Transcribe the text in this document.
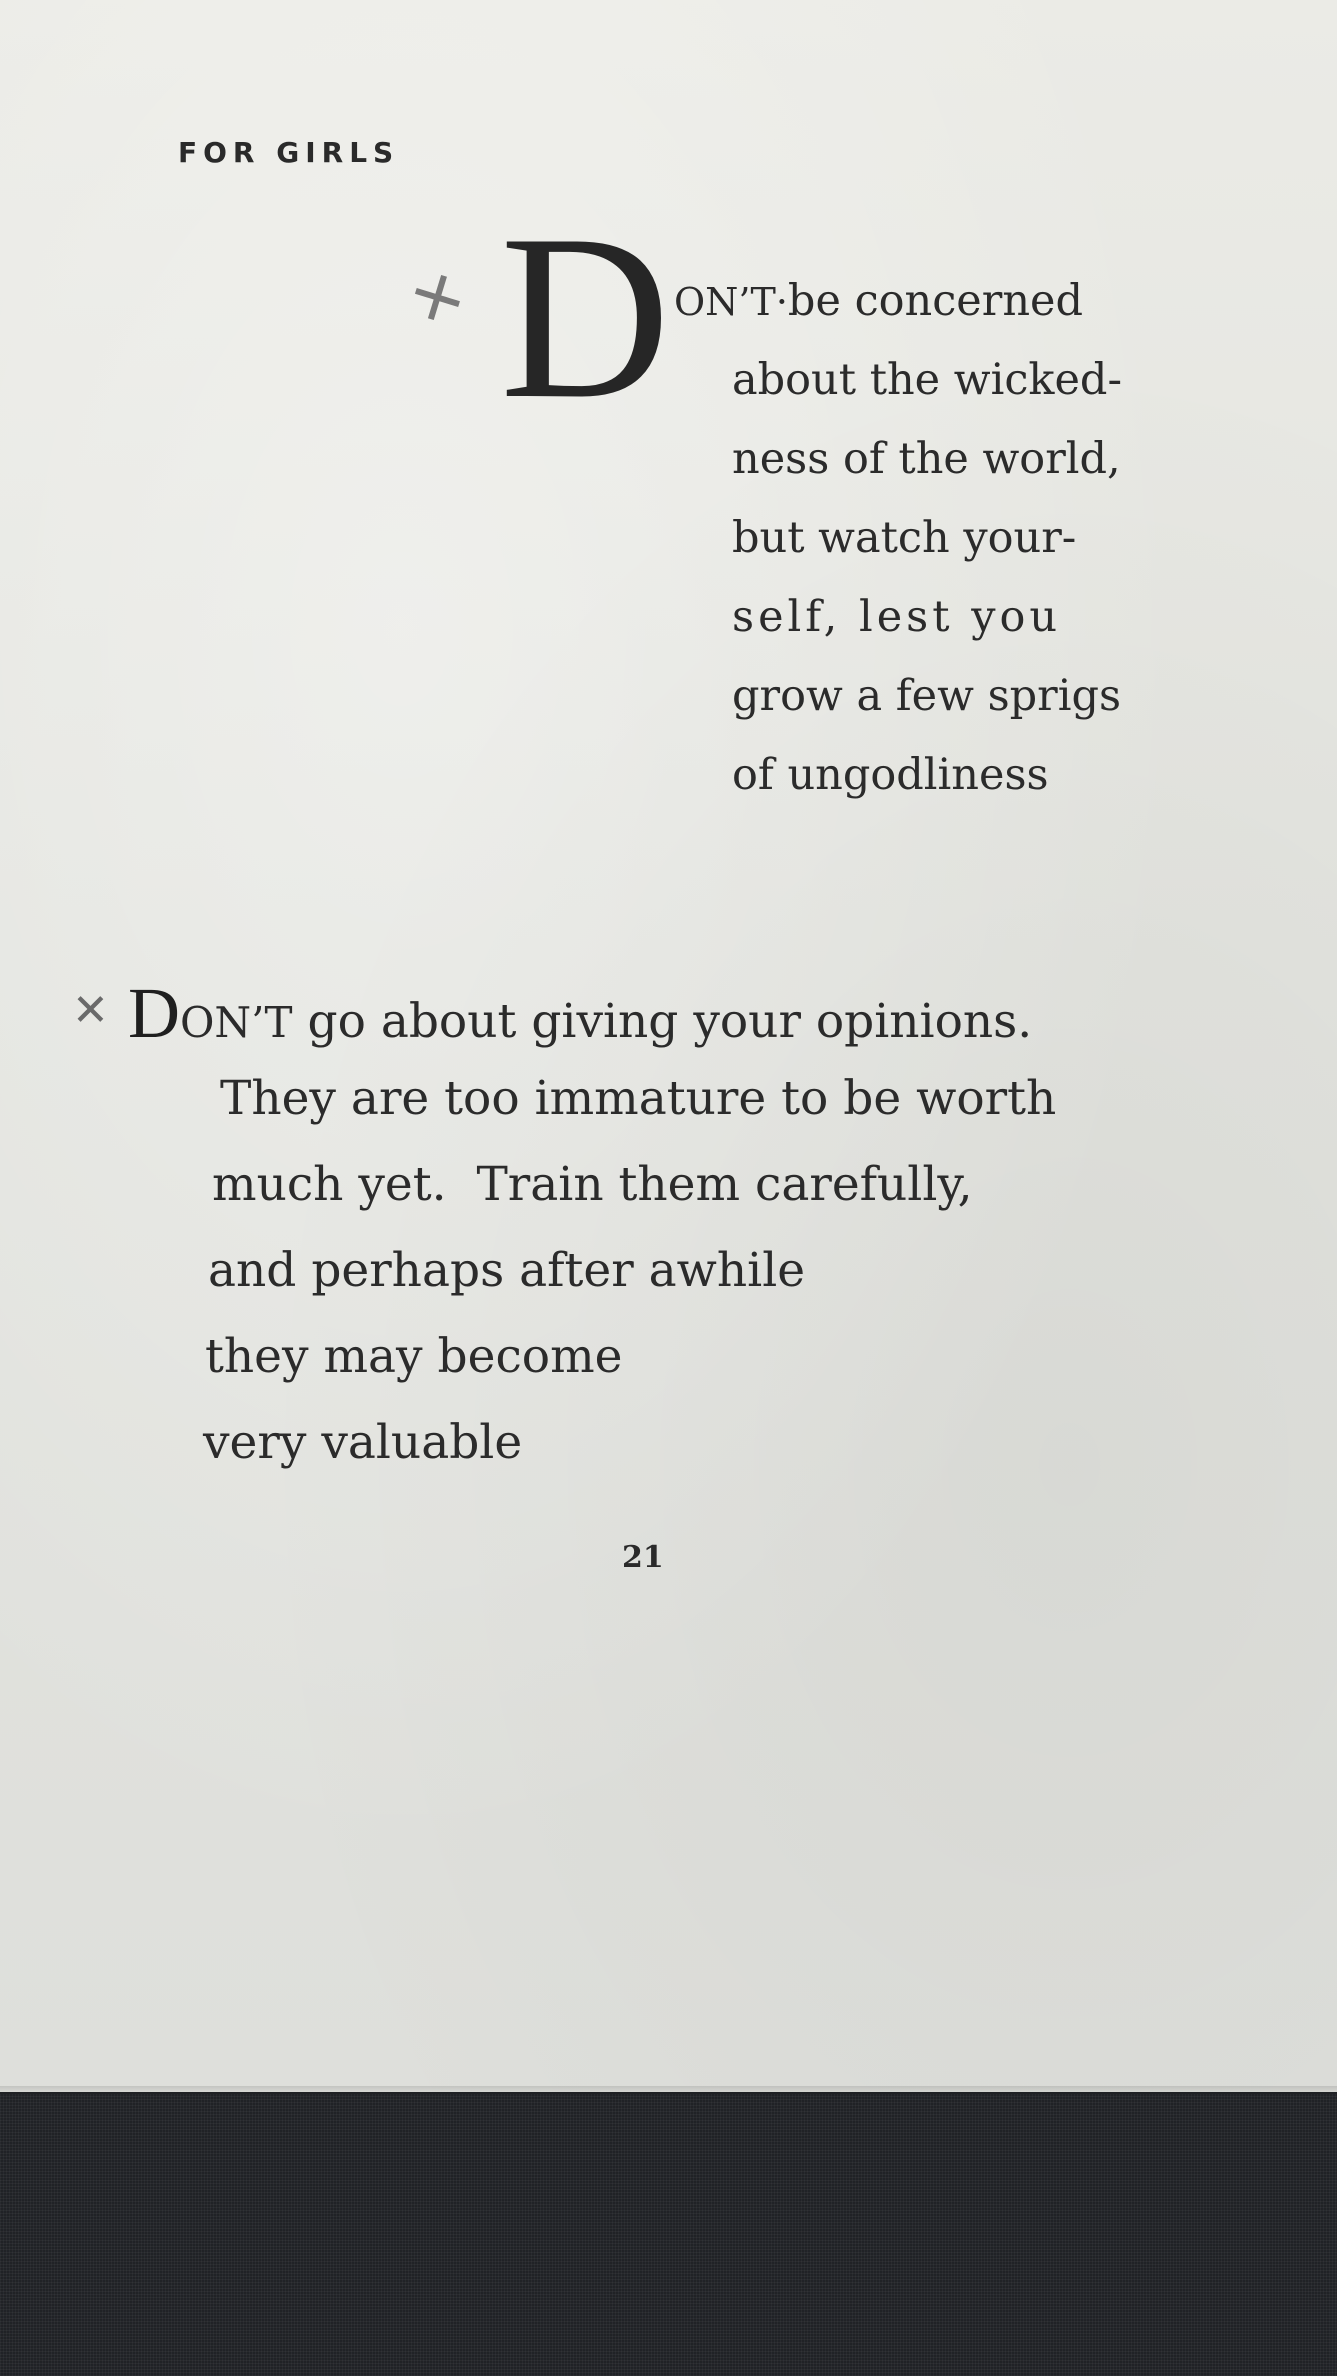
FOR GIRLS
✕ D ON’T·be concerned
about the wicked-
ness of the world,
but watch your-
self, lest you
grow a few sprigs
of ungodliness
✕ DON’T go about giving your opinions.
They are too immature to be worth
much yet.  Train them carefully,
and perhaps after awhile
they may become
very valuable
21
